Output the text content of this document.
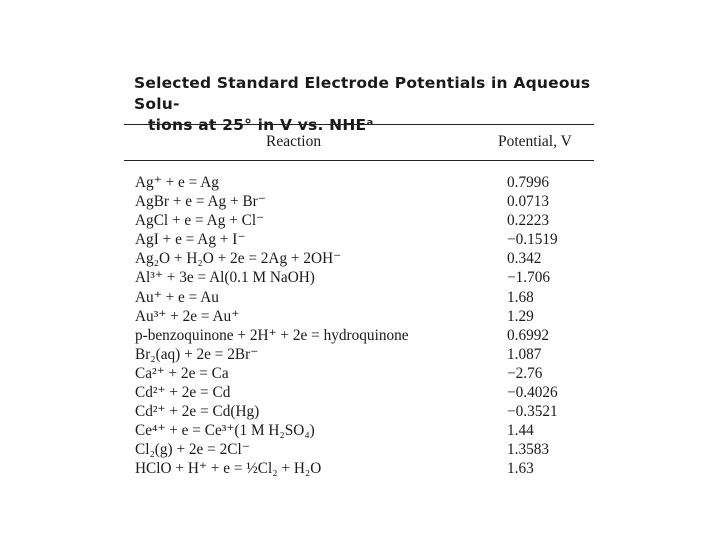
Selected Standard Electrode Potentials in Aqueous Solu-
tions at 25° in V vs. NHEᵃ
Reaction	Potential, V
Ag⁺ + e = Ag	0.7996
AgBr + e = Ag + Br⁻	0.0713
AgCl + e = Ag + Cl⁻	0.2223
AgI + e = Ag + I⁻	−0.1519
Ag₂O + H₂O + 2e = 2Ag + 2OH⁻	0.342
Al³⁺ + 3e = Al(0.1 M NaOH)	−1.706
Au⁺ + e = Au	1.68
Au³⁺ + 2e = Au⁺	1.29
p-benzoquinone + 2H⁺ + 2e = hydroquinone	0.6992
Br₂(aq) + 2e = 2Br⁻	1.087
Ca²⁺ + 2e = Ca	−2.76
Cd²⁺ + 2e = Cd	−0.4026
Cd²⁺ + 2e = Cd(Hg)	−0.3521
Ce⁴⁺ + e = Ce³⁺(1 M H₂SO₄)	1.44
Cl₂(g) + 2e = 2Cl⁻	1.3583
HClO + H⁺ + e = ½Cl₂ + H₂O	1.63
